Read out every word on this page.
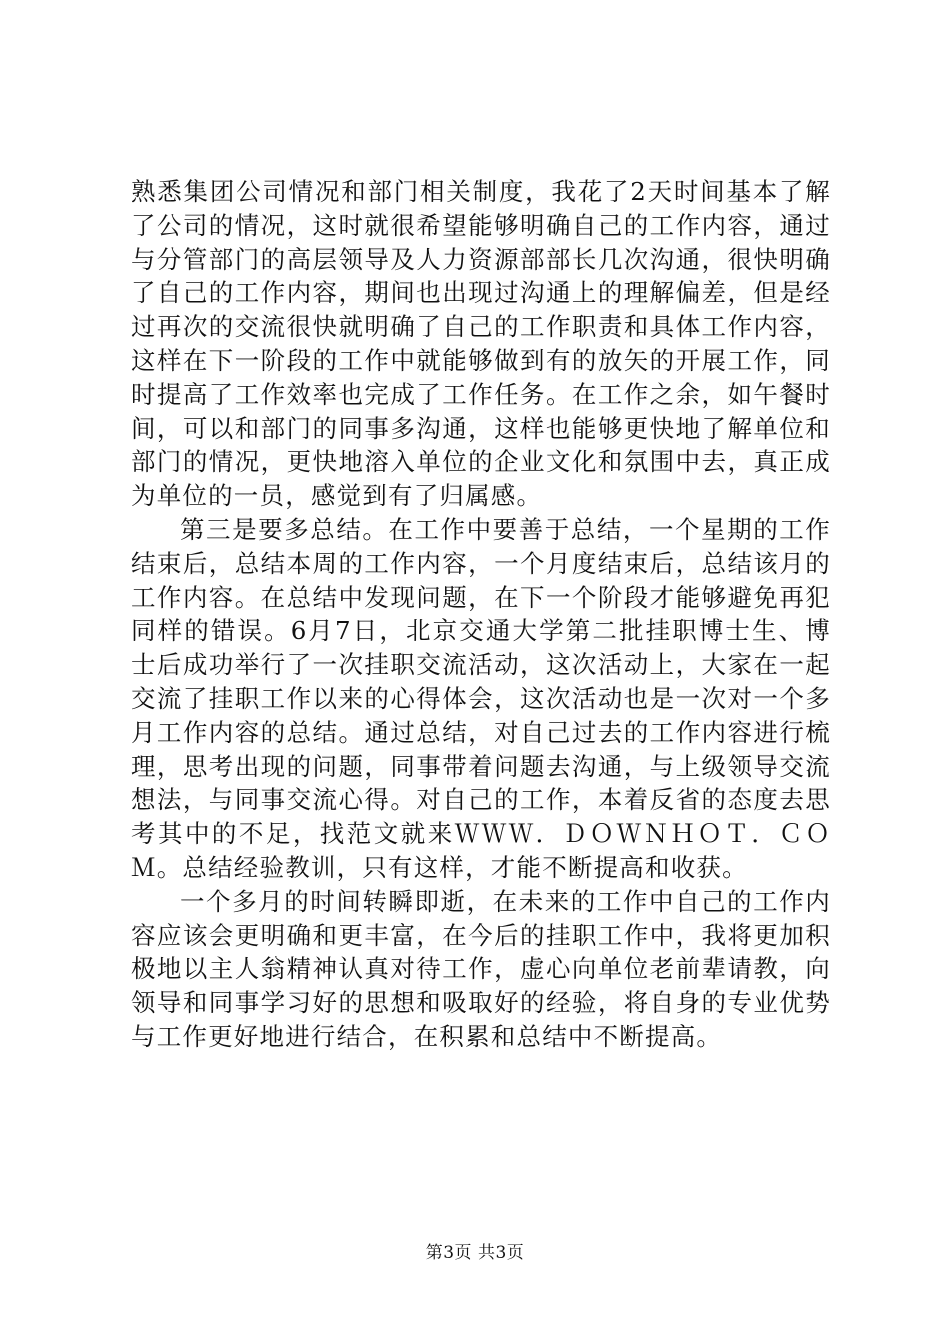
熟悉集团公司情况和部门相关制度，我花了2天时间基本了解了公司的情况，这时就很希望能够明确自己的工作内容，通过与分管部门的高层领导及人力资源部部长几次沟通，很快明确了自己的工作内容，期间也出现过沟通上的理解偏差，但是经过再次的交流很快就明确了自己的工作职责和具体工作内容，这样在下一阶段的工作中就能够做到有的放矢的开展工作，同时提高了工作效率也完成了工作任务。在工作之余，如午餐时间，可以和部门的同事多沟通，这样也能够更快地了解单位和部门的情况，更快地溶入单位的企业文化和氛围中去，真正成为单位的一员，感觉到有了归属感。

第三是要多总结。在工作中要善于总结，一个星期的工作结束后，总结本周的工作内容，一个月度结束后，总结该月的工作内容。在总结中发现问题，在下一个阶段才能够避免再犯同样的错误。6月7日，北京交通大学第二批挂职博士生、博士后成功举行了一次挂职交流活动，这次活动上，大家在一起交流了挂职工作以来的心得体会，这次活动也是一次对一个多月工作内容的总结。通过总结，对自己过去的工作内容进行梳理，思考出现的问题，同事带着问题去沟通，与上级领导交流想法，与同事交流心得。对自己的工作，本着反省的态度去思考其中的不足，找范文就来ＷＷＷ．ＤＯＷＮＨＯＴ．ＣＯＭ。总结经验教训，只有这样，才能不断提高和收获。

一个多月的时间转瞬即逝，在未来的工作中自己的工作内容应该会更明确和更丰富，在今后的挂职工作中，我将更加积极地以主人翁精神认真对待工作，虚心向单位老前辈请教，向领导和同事学习好的思想和吸取好的经验，将自身的专业优势与工作更好地进行结合，在积累和总结中不断提高。

第3页 共3页
